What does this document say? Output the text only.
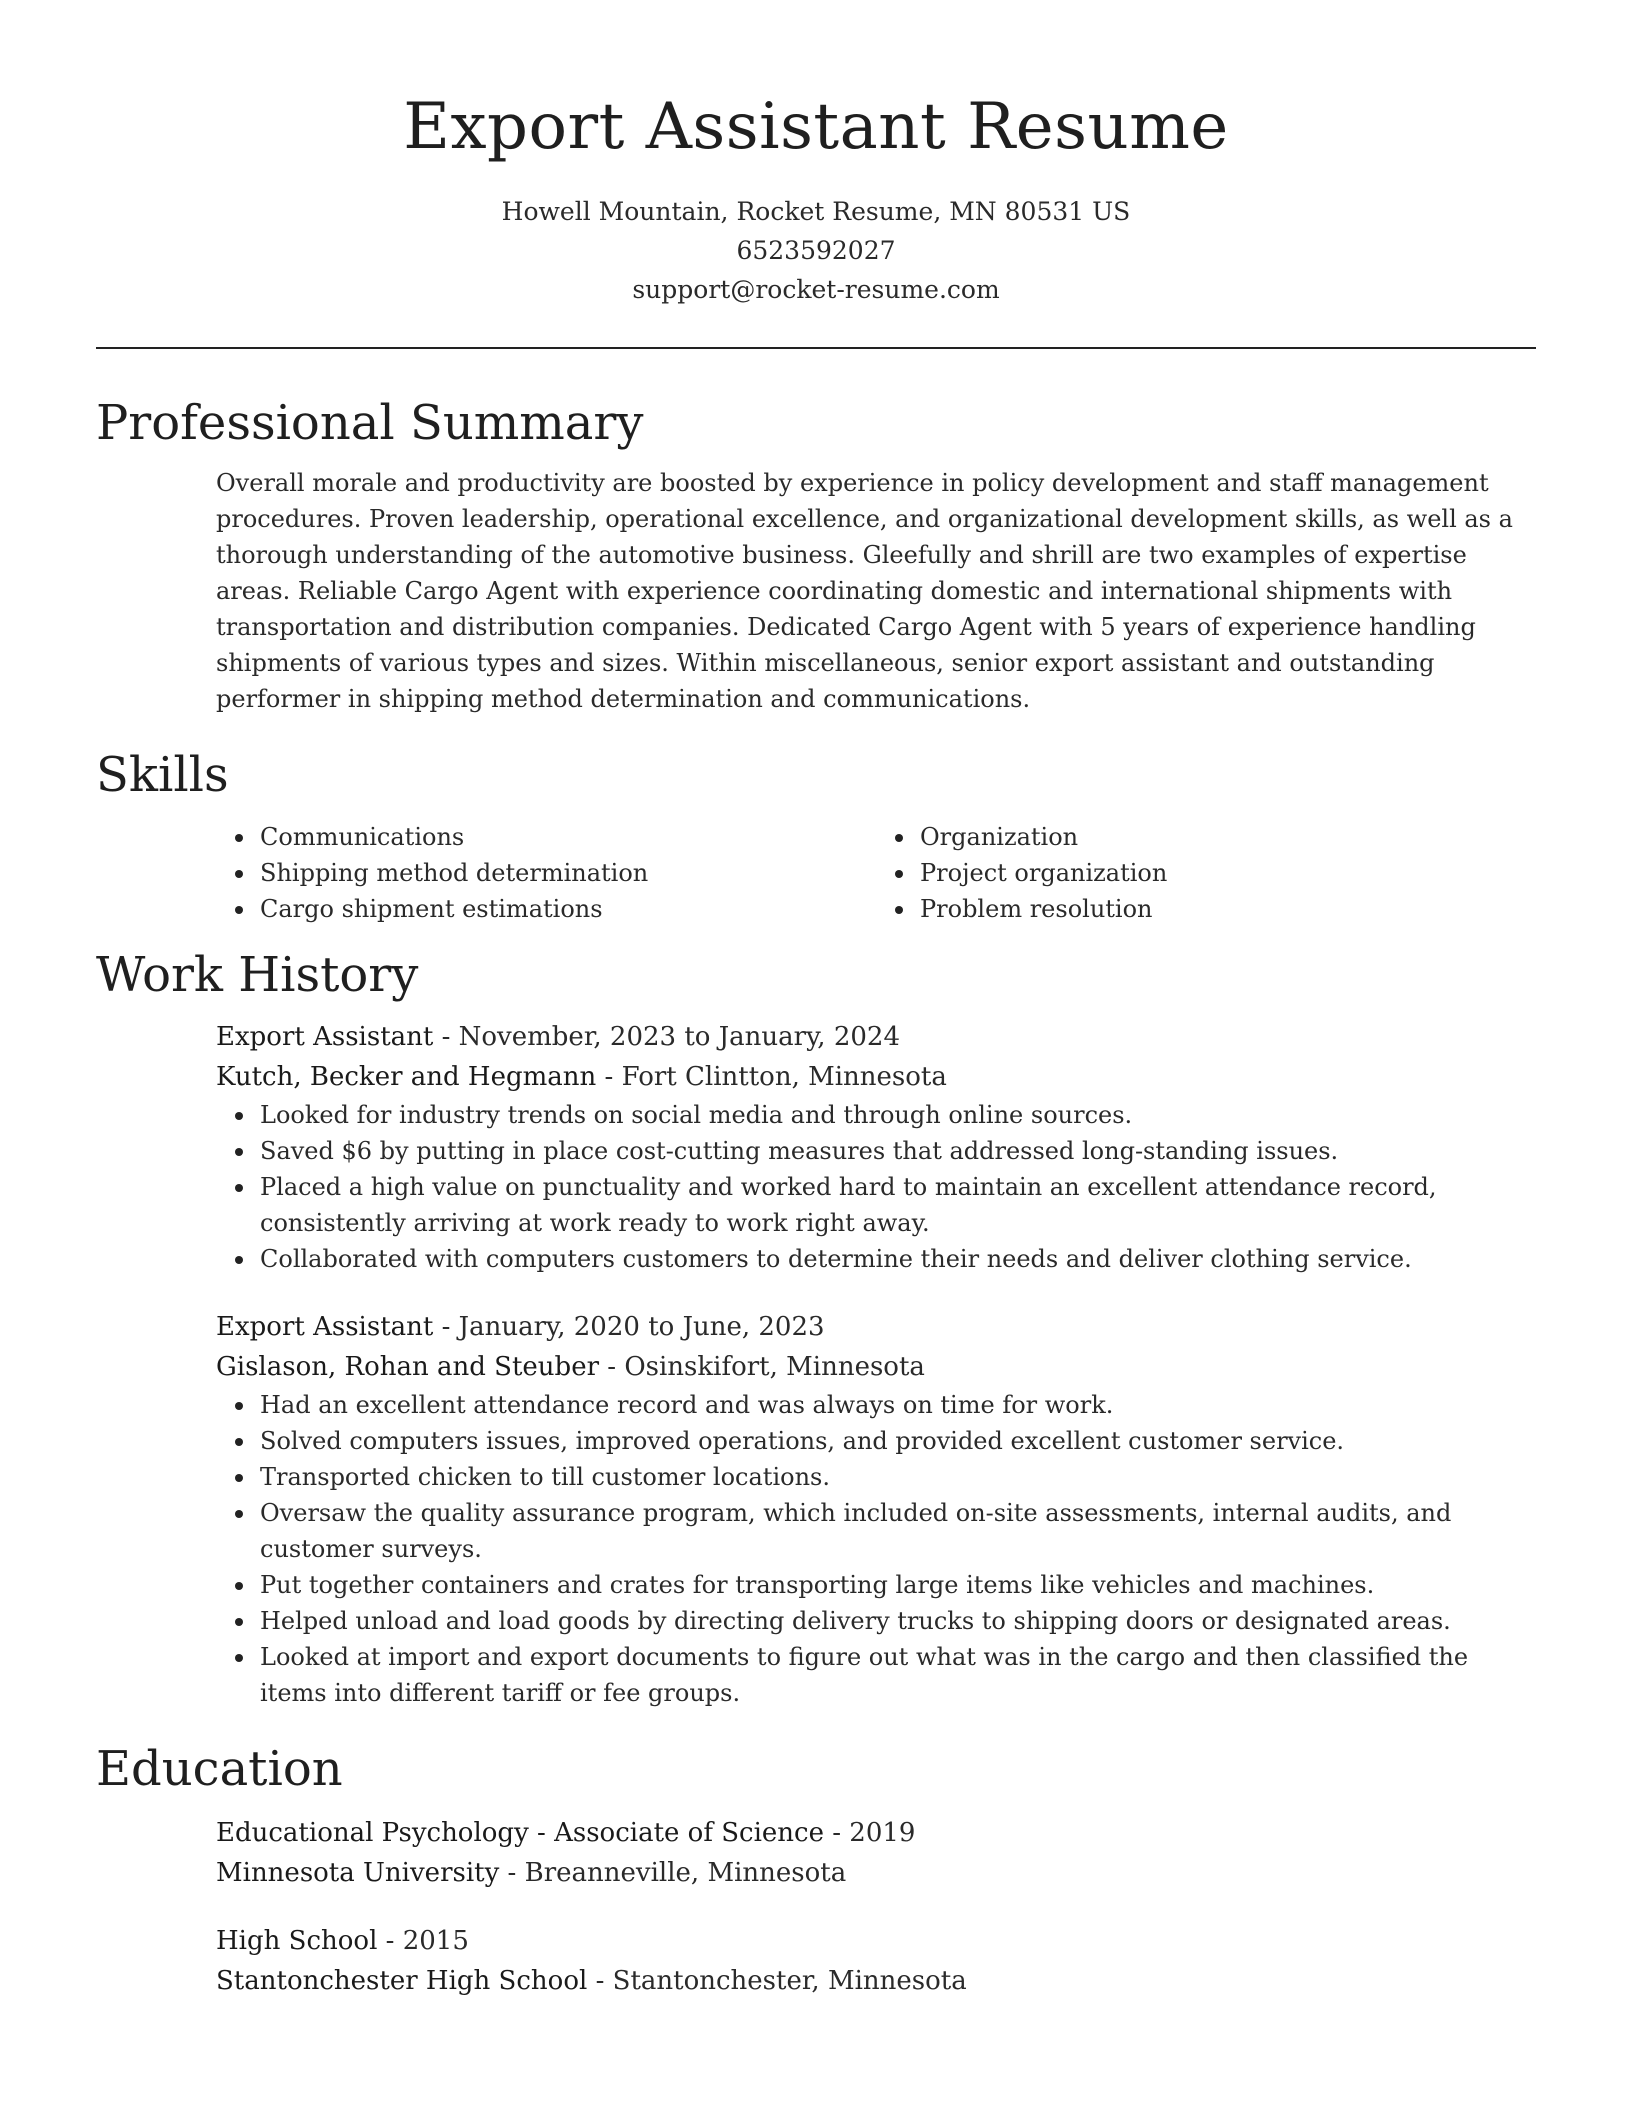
Export Assistant Resume
Howell Mountain, Rocket Resume, MN 80531 US
6523592027
support@rocket-resume.com
Professional Summary

Overall morale and productivity are boosted by experience in policy development and staff management procedures. Proven leadership, operational excellence, and organizational development skills, as well as a thorough understanding of the automotive business. Gleefully and shrill are two examples of expertise areas. Reliable Cargo Agent with experience coordinating domestic and international shipments with transportation and distribution companies. Dedicated Cargo Agent with 5 years of experience handling shipments of various types and sizes. Within miscellaneous, senior export assistant and outstanding performer in shipping method determination and communications.

Skills
Communications
Shipping method determination
Cargo shipment estimations
Organization
Project organization
Problem resolution
Work History
Export Assistant - November, 2023 to January, 2024
Kutch, Becker and Hegmann - Fort Clintton, Minnesota
Looked for industry trends on social media and through online sources.
Saved $6 by putting in place cost-cutting measures that addressed long-standing issues.
Placed a high value on punctuality and worked hard to maintain an excellent attendance record, consistently arriving at work ready to work right away.
Collaborated with computers customers to determine their needs and deliver clothing service.
Export Assistant - January, 2020 to June, 2023
Gislason, Rohan and Steuber - Osinskifort, Minnesota
Had an excellent attendance record and was always on time for work.
Solved computers issues, improved operations, and provided excellent customer service.
Transported chicken to till customer locations.
Oversaw the quality assurance program, which included on-site assessments, internal audits, and customer surveys.
Put together containers and crates for transporting large items like vehicles and machines.
Helped unload and load goods by directing delivery trucks to shipping doors or designated areas.
Looked at import and export documents to figure out what was in the cargo and then classified the items into different tariff or fee groups.
Education
Educational Psychology - Associate of Science - 2019
Minnesota University - Breanneville, Minnesota
High School - 2015
Stantonchester High School - Stantonchester, Minnesota
